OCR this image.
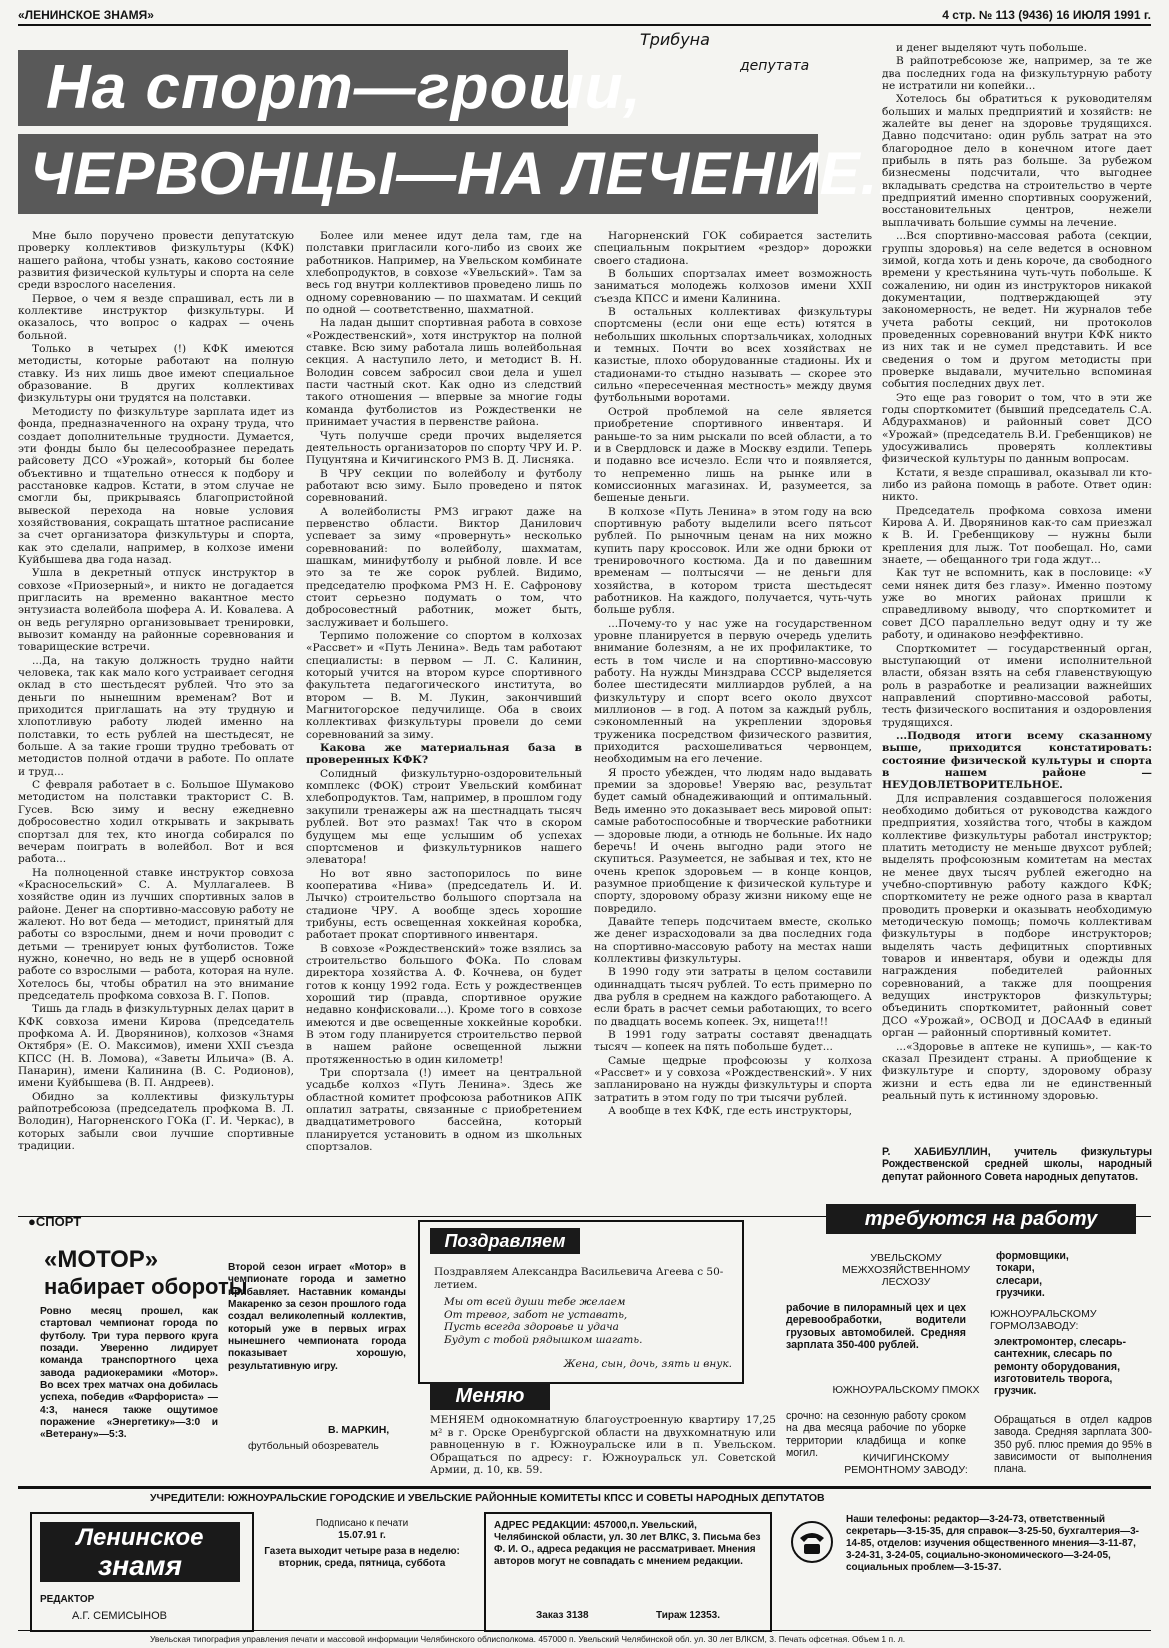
«ЛЕНИНСКОЕ ЗНАМЯ»	4 стр. № 113 (9436) 16 ИЮЛЯ 1991 г.
Трибуна
депутата
На спорт—гроши,
ЧЕРВОНЦЫ—НА ЛЕЧЕНИЕ...

Мне было поручено провести депутатскую проверку коллективов физкультуры (КФК) нашего района, чтобы узнать, каково состояние развития физической культуры и спорта на селе среди взрослого населения.

Первое, о чем я везде спрашивал, есть ли в коллективе инструктор физкультуры. И оказалось, что вопрос о кадрах — очень больной.

Только в четырех (!) КФК имеются методисты, которые работают на полную ставку. Из них лишь двое имеют специальное образование. В других коллективах физкультуры они трудятся на полставки.

Методисту по физкультуре зарплата идет из фонда, предназначенного на охрану труда, что создает дополнительные трудности. Думается, эти фонды было бы целесообразнее передать райсовету ДСО «Урожай», который бы более объективно и тщательно отнесся к подбору и расстановке кадров. Кстати, в этом случае не смогли бы, прикрываясь благопристойной вывеской перехода на новые условия хозяйствования, сокращать штатное расписание за счет организатора физкультуры и спорта, как это сделали, например, в колхозе имени Куйбышева два года назад.

Ушла в декретный отпуск инструктор в совхозе «Приозерный», и никто не догадается пригласить на временно вакантное место энтузиаста волейбола шофера А. И. Ковалева. А он ведь регулярно организовывает тренировки, вывозит команду на районные соревнования и товарищеские встречи.

...Да, на такую должность трудно найти человека, так как мало кого устраивает сегодня оклад в сто шестьдесят рублей. Что это за деньги по нынешним временам? Вот и приходится приглашать на эту трудную и хлопотливую работу людей именно на полставки, то есть рублей на шестьдесят, не больше. А за такие гроши трудно требовать от методистов полной отдачи в работе. По оплате и труд...

С февраля работает в с. Большое Шумаково методистом на полставки тракторист С. В. Гусев. Всю зиму и весну ежедневно добросовестно ходил открывать и закрывать спортзал для тех, кто иногда собирался по вечерам поиграть в волейбол. Вот и вся работа...

На полноценной ставке инструктор совхоза «Красносельский» С. А. Муллагалеев. В хозяйстве один из лучших спортивных залов в районе. Денег на спортивно-массовую работу не жалеют. Но вот беда — методист, принятый для работы со взрослыми, днем и ночи проводит с детьми — тренирует юных футболистов. Тоже нужно, конечно, но ведь не в ущерб основной работе со взрослыми — работа, которая на нуле. Хотелось бы, чтобы обратил на это внимание председатель профкома совхоза В. Г. Попов.

Тишь да гладь в физкультурных делах царит в КФК совхоза имени Кирова (председатель профкома А. И. Дворянинов), колхозов «Знамя Октября» (Е. О. Максимов), имени XXII съезда КПСС (Н. В. Ломова), «Заветы Ильича» (В. А. Панарин), имени Калинина (В. С. Родионов), имени Куйбышева (В. П. Андреев).

Обидно за коллективы физкультуры райпотребсоюза (председатель профкома В. Л. Володин), Нагорненского ГОКа (Г. И. Черкас), в которых забыли свои лучшие спортивные традиции.

Более или менее идут дела там, где на полставки пригласили кого-либо из своих же работников. Например, на Увельском комбинате хлебопродуктов, в совхозе «Увельский». Там за весь год внутри коллективов проведено лишь по одному соревнованию — по шахматам. И секций по одной — соответственно, шахматной.

На ладан дышит спортивная работа в совхозе «Рождественский», хотя инструктор на полной ставке. Всю зиму работала лишь волейбольная секция. А наступило лето, и методист В. Н. Володин совсем забросил свои дела и ушел пасти частный скот. Как одно из следствий такого отношения — впервые за многие годы команда футболистов из Рождественки не принимает участия в первенстве района.

Чуть получше среди прочих выделяется деятельность организаторов по спорту ЧРУ И. Р. Пуцунтяна и Кичигинского РМЗ В. Д. Лисняка.

В ЧРУ секции по волейболу и футболу работают всю зиму. Было проведено и пяток соревнований.

А волейболисты РМЗ играют даже на первенство области. Виктор Данилович успевает за зиму «провернуть» несколько соревнований: по волейболу, шахматам, шашкам, минифутболу и рыбной ловле. И все это за те же сорок рублей. Видимо, председателю профкома РМЗ Н. Е. Сафронову стоит серьезно подумать о том, что добросовестный работник, может быть, заслуживает и большего.

Терпимо положение со спортом в колхозах «Рассвет» и «Путь Ленина». Ведь там работают специалисты: в первом — Л. С. Калинин, который учится на втором курсе спортивного факультета педагогического института, во втором — В. М. Лукин, закончивший Магнитогорское педучилище. Оба в своих коллективах физкультуры провели до семи соревнований за зиму.

Какова же материальная база в проверенных КФК?

Солидный физкультурно-оздоровительный комплекс (ФОК) строит Увельский комбинат хлебопродуктов. Там, например, в прошлом году закупили тренажеры аж на шестнадцать тысяч рублей. Вот это размах! Так что в скором будущем мы еще услышим об успехах спортсменов и физкультурников нашего элеватора!

Но вот явно застопорилось по вине кооператива «Нива» (председатель И. И. Лычко) строительство большого спортзала на стадионе ЧРУ. А вообще здесь хорошие трибуны, есть освещенная хоккейная коробка, работает прокат спортивного инвентаря.

В совхозе «Рождественский» тоже взялись за строительство большого ФОКа. По словам директора хозяйства А. Ф. Кочнева, он будет готов к концу 1992 года. Есть у рождественцев хороший тир (правда, спортивное оружие недавно конфисковали...). Кроме того в совхозе имеются и две освещенные хоккейные коробки. В этом году планируется строительство первой в нашем районе освещенной лыжни протяженностью в один километр!

Три спортзала (!) имеет на центральной усадьбе колхоз «Путь Ленина». Здесь же областной комитет профсоюза работников АПК оплатил затраты, связанные с приобретением двадцатиметрового бассейна, который планируется установить в одном из школьных спортзалов.

Нагорненский ГОК собирается застелить специальным покрытием «рездор» дорожки своего стадиона.

В больших спортзалах имеет возможность заниматься молодежь колхозов имени XXII съезда КПСС и имени Калинина.

В остальных коллективах физкультуры спортсмены (если они еще есть) ютятся в небольших школьных спортзальчиках, холодных и темных. Почти во всех хозяйствах не казистые, плохо оборудованные стадионы. Их и стадионами-то стыдно называть — скорее это сильно «пересеченная местность» между двумя футбольными воротами.

Острой проблемой на селе является приобретение спортивного инвентаря. И раньше-то за ним рыскали по всей области, а то и в Свердловск и даже в Москву ездили. Теперь и подавно все исчезло. Если что и появляется, то непременно лишь на рынке или в комиссионных магазинах. И, разумеется, за бешеные деньги.

В колхозе «Путь Ленина» в этом году на всю спортивную работу выделили всего пятьсот рублей. По рыночным ценам на них можно купить пару кроссовок. Или же одни брюки от тренировочного костюма. Да и по давешним временам — полтысячи — не деньги для хозяйства, в котором триста шестьдесят работников. На каждого, получается, чуть-чуть больше рубля.

...Почему-то у нас уже на государственном уровне планируется в первую очередь уделить внимание болезням, а не их профилактике, то есть в том числе и на спортивно-массовую работу. На нужды Минздрава СССР выделяется более шестидесяти миллиардов рублей, а на физкультуру и спорт всего около двухсот миллионов — в год. А потом за каждый рубль, сэкономленный на укреплении здоровья труженика посредством физического развития, приходится расхошеливаться червонцем, необходимым на его лечение.

Я просто убежден, что людям надо выдавать премии за здоровье! Уверяю вас, результат будет самый обнадеживающий и оптимальный. Ведь именно это доказывает весь мировой опыт: самые работоспособные и творческие работники — здоровые люди, а отнюдь не больные. Их надо беречь! И очень выгодно ради этого не скупиться. Разумеется, не забывая и тех, кто не очень крепок здоровьем — в конце концов, разумное приобщение к физической культуре и спорту, здоровому образу жизни никому еще не повредило.

Давайте теперь подсчитаем вместе, сколько же денег израсходовали за два последних года на спортивно-массовую работу на местах наши коллективы физкультуры.

В 1990 году эти затраты в целом составили одиннадцать тысяч рублей. То есть примерно по два рубля в среднем на каждого работающего. А если брать в расчет семьи работающих, то всего по двадцать восемь копеек. Эх, нищета!!!

В 1991 году затраты составят двенадцать тысяч — копеек на пять побольше будет...

Самые щедрые профсоюзы у колхоза «Рассвет» и у совхоза «Рождественский». У них запланировано на нужды физкультуры и спорта затратить в этом году по три тысячи рублей.

А вообще в тех КФК, где есть инструкторы,

и денег выделяют чуть побольше.

В райпотребсоюзе же, например, за те же два последних года на физкультурную работу не истратили ни копейки...

Хотелось бы обратиться к руководителям больших и малых предприятий и хозяйств: не жалейте вы денег на здоровье трудящихся. Давно подсчитано: один рубль затрат на это благородное дело в конечном итоге дает прибыль в пять раз больше. За рубежом бизнесмены подсчитали, что выгоднее вкладывать средства на строительство в черте предприятий именно спортивных сооружений, восстановительных центров, нежели выплачивать большие суммы на лечение.

...Вся спортивно-массовая работа (секции, группы здоровья) на селе ведется в основном зимой, когда хоть и день короче, да свободного времени у крестьянина чуть-чуть побольше. К сожалению, ни один из инструкторов никакой документации, подтверждающей эту закономерность, не ведет. Ни журналов тебе учета работы секций, ни протоколов проведенных соревнований внутри КФК никто из них так и не сумел представить. И все сведения о том и другом методисты при проверке выдавали, мучительно вспоминая события последних двух лет.

Это еще раз говорит о том, что в эти же годы спорткомитет (бывший председатель С.А. Абдурахманов) и районный совет ДСО «Урожай» (председатель В.И. Гребенщиков) не удосуживались проверять коллективы физической культуры по данным вопросам.

Кстати, я везде спрашивал, оказывал ли кто-либо из района помощь в работе. Ответ один: никто.

Председатель профкома совхоза имени Кирова А. И. Дворянинов как-то сам приезжал к В. И. Гребенщикову — нужны были крепления для лыж. Тот пообещал. Но, сами знаете, — обещанного три года ждут...

Как тут не вспомнить, как в пословице: «У семи нянек дитя без глазу». Именно поэтому уже во многих районах пришли к справедливому выводу, что спорткомитет и совет ДСО параллельно ведут одну и ту же работу, и одинаково неэффективно.

Спорткомитет — государственный орган, выступающий от имени исполнительной власти, обязан взять на себя главенствующую роль в разработке и реализации важнейших направлений спортивно-массовой работы, тесть физического воспитания и оздоровления трудящихся.

...Подводя итоги всему сказанному выше, приходится констатировать: состояние физической культуры и спорта в нашем районе — НЕУДОВЛЕТВОРИТЕЛЬНОЕ.

Для исправления создавшегося положения необходимо добиться от руководства каждого предприятия, хозяйства того, чтобы в каждом коллективе физкультуры работал инструктор; платить методисту не меньше двухсот рублей; выделять профсоюзным комитетам на местах не менее двух тысяч рублей ежегодно на учебно-спортивную работу каждого КФК; спорткомитету не реже одного раза в квартал проводить проверки и оказывать необходимую методическую помощь; помочь коллективам физкультуры в подборе инструкторов; выделять часть дефицитных спортивных товаров и инвентаря, обуви и одежды для награждения победителей районных соревнований, а также для поощрения ведущих инструкторов физкультуры; объединить спорткомитет, районный совет ДСО «Урожай», ОСВОД и ДОСААФ в единый орган — районный спортивный комитет.

...«Здоровье в аптеке не купишь», — как-то сказал Президент страны. А приобщение к физкультуре и спорту, здоровому образу жизни и есть едва ли не единственный реальный путь к истинному здоровью.

Р. ХАБИБУЛЛИН, учитель физкультуры Рождественской средней школы, народный депутат районного Совета народных депутатов.
●СПОРТ
«МОТОР»
набирает обороты
Ровно месяц прошел, как стартовал чемпионат города по футболу. Три тура первого круга позади. Уверенно лидирует команда транспортного цеха завода радиокерамики «Мотор». Во всех трех матчах она добилась успеха, победив «Фарфориста» — 4:3, нанеся также ощутимое поражение «Энергетику»—3:0 и «Ветерану»—5:3.
Второй сезон играет «Мотор» в чемпионате города и заметно прибавляет. Наставник команды Макаренко за сезон прошлого года создал великолепный коллектив, который уже в первых играх нынешнего чемпионата города показывает хорошую, результативную игру.
В. МАРКИН,
футбольный обозреватель
Поздравляем
Поздравляем Александра Васильевича Агеева с 50-летием.
Мы от всей души тебе желаем
От тревог, забот не уставать,
Пусть всегда здоровье и удача
Будут с тобой рядышком шагать.
Жена, сын, дочь, зять и внук.
Меняю
МЕНЯЕМ однокомнатную благоустроенную квартиру 17,25 м² в г. Орске Оренбургской области на двухкомнатную или равноценную в г. Южноуральске или в п. Увельском. Обращаться по адресу: г. Южноуральск ул. Советской Армии, д. 10, кв. 59.
требуются на работу
УВЕЛЬСКОМУ МЕЖХОЗЯЙСТВЕННОМУ ЛЕСХОЗУ
рабочие в пилорамный цех и цех деревообработки, водители грузовых автомобилей. Средняя зарплата 350-400 рублей.
ЮЖНОУРАЛЬСКОМУ ПМОКХ
срочно: на сезонную работу сроком на два месяца рабочие по уборке территории кладбища и копке могил.	КИЧИГИНСКОМУ РЕМОНТНОМУ ЗАВОДУ:
формовщики, токари, слесари, грузчики.
ЮЖНОУРАЛЬСКОМУ ГОРМОЛЗАВОДУ:
электромонтер, слесарь-сантехник, слесарь по ремонту оборудования, изготовитель творога, грузчик.
Обращаться в отдел кадров завода. Средняя зарплата 300-350 руб. плюс премия до 95% в зависимости от выполнения плана.
УЧРЕДИТЕЛИ: ЮЖНОУРАЛЬСКИЕ ГОРОДСКИЕ И УВЕЛЬСКИЕ РАЙОННЫЕ КОМИТЕТЫ КПСС И СОВЕТЫ НАРОДНЫХ ДЕПУТАТОВ
Ленинское
знамя
РЕДАКТОР
А.Г. СЕМИСЫНОВ
Подписано к печати
15.07.91 г.
Газета выходит четыре раза в неделю: вторник, среда, пятница, суббота
АДРЕС РЕДАКЦИИ: 457000,п. Увельский, Челябинской области, ул. 30 лет ВЛКС, 3. Письма без Ф. И. О., адреса редакция не рассматривает. Мнения авторов могут не совпадать с мнением редакции.
Заказ 3138	Тираж 12353.
Наши телефоны: редактор—3-24-73, ответственный секретарь—3-15-35, для справок—3-25-50, бухгалтерия—3-14-85, отделов: изучения общественного мнения—3-11-87, 3-24-31, 3-24-05, социально-экономического—3-24-05, социальных проблем—3-15-37.
Увельская типография управления печати и массовой информации Челябинского облисполкома. 457000 п. Увельский Челябинской обл. ул. 30 лет ВЛКСМ, 3. Печать офсетная. Объем 1 п. л.
